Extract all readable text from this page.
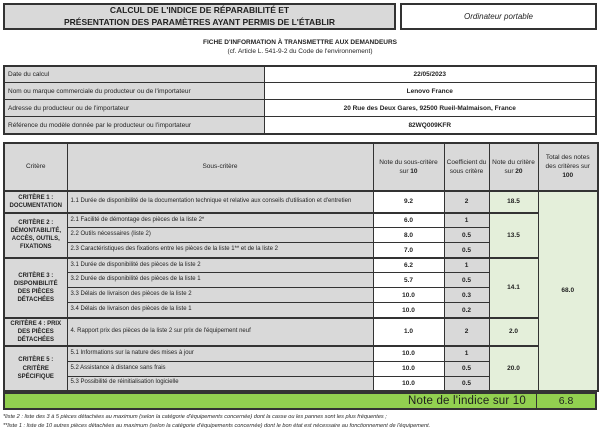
CALCUL DE L'INDICE DE RÉPARABILITÉ ET
PRÉSENTATION DES PARAMÈTRES AYANT PERMIS DE L'ÉTABLIR	Ordinateur portable
FICHE D'INFORMATION À TRANSMETTRE AUX DEMANDEURS
(cf. Article L. 541-9-2 du Code de l'environnement)
Date du calcul	22/05/2023
Nom ou marque commerciale du producteur ou de l'importateur	Lenovo France
Adresse du producteur ou de l'importateur	20 Rue des Deux Gares, 92500 Rueil-Malmaison, France
Référence du modèle donnée par le producteur ou l'importateur	82WQ009KFR
Critère	Sous-critère	Note du sous-critère sur 10	Coefficient du sous critère	Note du critère sur 20	Total des notes des critères sur 100
CRITÈRE 1 : DOCUMENTATION	1.1 Durée de disponibilité de la documentation technique et relative aux conseils d'utilisation et d'entretien	9.2	2	18.5	68.0
CRITÈRE 2 : DÉMONTABILITÉ, ACCÈS, OUTILS, FIXATIONS	2.1 Facilité de démontage des pièces de la liste 2*	6.0	1	13.5	
	2.2 Outils nécessaires (liste 2)	8.0	0.5		
	2.3 Caractéristiques des fixations entre les pièces de la liste 1** et de la liste 2	7.0	0.5		
CRITÈRE 3 : DISPONIBILITÉ DES PIÈCES DÉTACHÉES	3.1 Durée de disponibilité des pièces de la liste 2	6.2	1	14.1	
	3.2 Durée de disponibilité des pièces de la liste 1	5.7	0.5		
	3.3 Délais de livraison des pièces de la liste 2	10.0	0.3		
	3.4 Délais de livraison des pièces de la liste 1	10.0	0.2		
CRITÈRE 4 : PRIX DES PIÈCES DÉTACHÉES	4. Rapport prix des pièces de la liste 2 sur prix de l'équipement neuf	1.0	2	2.0	
CRITÈRE 5 : CRITÈRE SPÉCIFIQUE	5.1 Informations sur la nature des mises à jour	10.0	1	20.0	
	5.2 Assistance à distance sans frais	10.0	0.5		
	5.3 Possibilité de réinitialisation logicielle	10.0	0.5		
Note de l'indice sur 10	6.8
*liste 2 : liste des 3 à 5 pièces détachées au maximum (selon la catégorie d'équipements concernée) dont la casse ou les pannes sont les plus fréquentes ;
**liste 1 : liste de 10 autres pièces détachées au maximum (selon la catégorie d'équipements concernée) dont le bon état est nécessaire au fonctionnement de l'équipement.
